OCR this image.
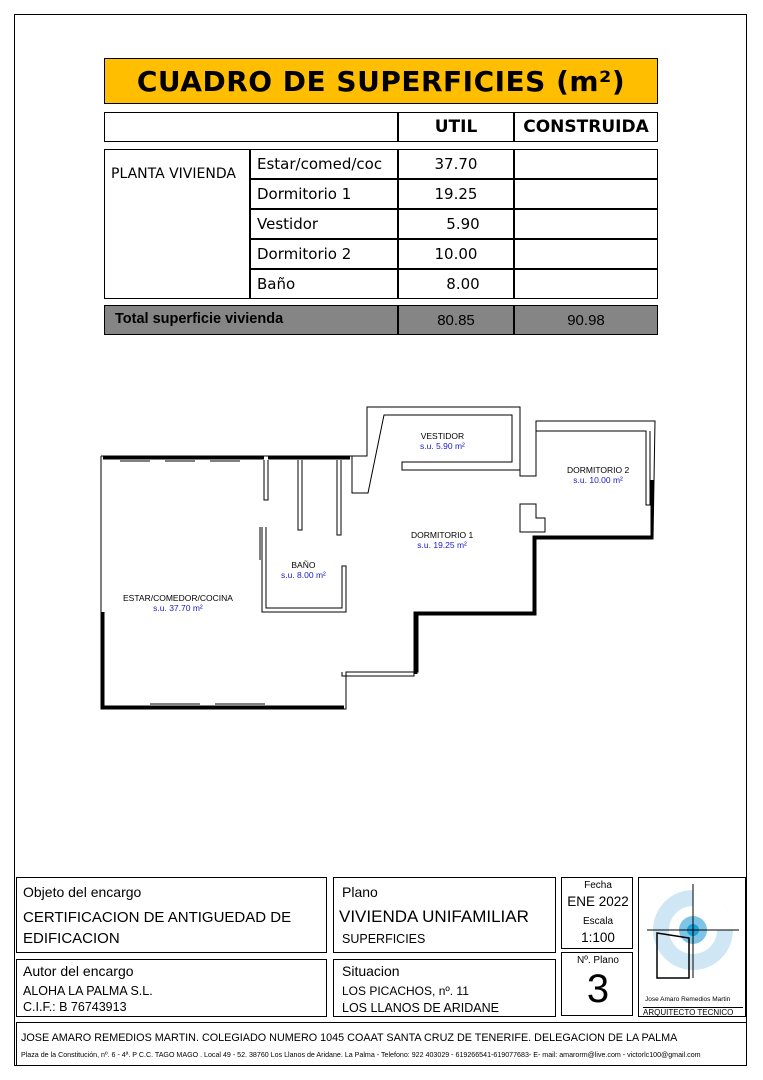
CUADRO DE SUPERFICIES (m²)
UTIL	CONSTRUIDA
PLANTA VIVIENDA
Estar/comed/coc	37.70
Dormitorio 1	19.25
Vestidor	5.90
Dormitorio 2	10.00
Baño	8.00
Total superficie vivienda	80.85	90.98
VESTIDOR
s.u. 5.90 m²
DORMITORIO 2
s.u. 10.00 m²
DORMITORIO 1
s.u. 19.25 m²
BAÑO
s.u. 8.00 m²
ESTAR/COMEDOR/COCINA
s.u. 37.70 m²
Objeto del encargo
CERTIFICACION DE ANTIGUEDAD DE
EDIFICACION
Plano
VIVIENDA UNIFAMILIAR
SUPERFICIES
Fecha
ENE 2022
Escala
1:100
Nº. Plano
3	Jose Amaro Remedios Martin
ARQUITECTO TECNICO
Autor del encargo
ALOHA LA PALMA S.L.
C.I.F.: B 76743913
Situacion
LOS PICACHOS, nº. 11
LOS LLANOS DE ARIDANE
JOSE AMARO REMEDIOS MARTIN. COLEGIADO NUMERO 1045 COAAT SANTA CRUZ DE TENERIFE. DELEGACION DE LA PALMA
Plaza de la Constitución, nº. 6 - 4ª. P C.C. TAGO MAGO . Local 49 - 52. 38760 Los Llanos de Aridane. La Palma - Telefono: 922 403029 - 619266541-619077683- E- mail: amarorm@live.com - victorlc100@gmail.com
